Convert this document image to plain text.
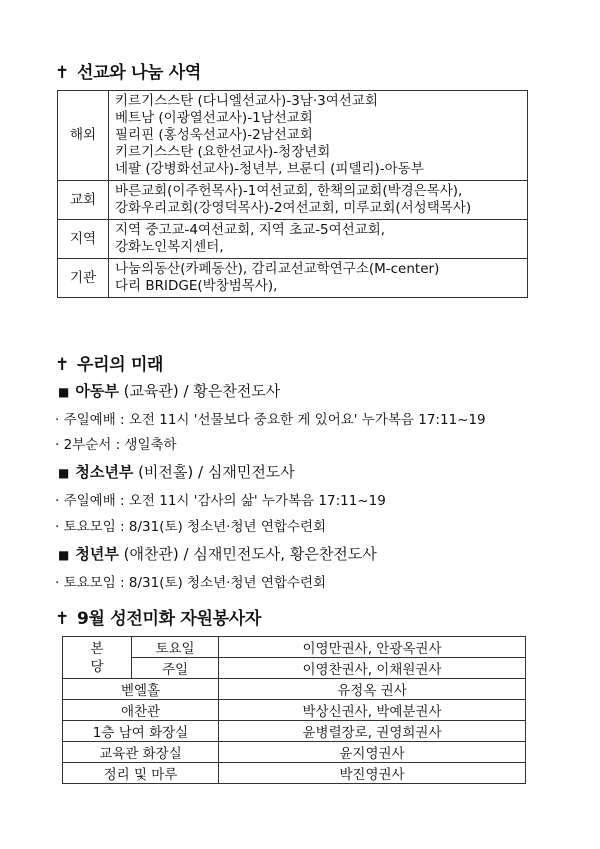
✝ 선교와 나눔 사역
해외	키르기스스탄 (다니엘선교사)-3남·3여선교회
베트남 (이광열선교사)-1남선교회
필리핀 (홍성욱선교사)-2남선교회
키르기스스탄 (요한선교사)-청장년회
네팔 (강병화선교사)-청년부, 브룬디 (피델리)-아동부

교회	바른교회(이주헌목사)-1여선교회, 한책의교회(박경은목사),
강화우리교회(강영덕목사)-2여선교회, 미루교회(서성택목사)

지역	지역 중고교-4여선교회, 지역 초교-5여선교회,
강화노인복지센터,

기관	나눔의동산(카페동산), 감리교선교학연구소(M-center)
다리 BRIDGE(박창범목사),
✝ 우리의 미래
■ 아동부 (교육관) / 황은찬전도사
· 주일예배 : 오전 11시 '선물보다 중요한 게 있어요' 누가복음 17:11~19
· 2부순서 : 생일축하
■ 청소년부 (비전홀) / 심재민전도사
· 주일예배 : 오전 11시 '감사의 삶' 누가복음 17:11~19
· 토요모임 : 8/31(토) 청소년·청년 연합수련회
■ 청년부 (애찬관) / 심재민전도사, 황은찬전도사
· 토요모임 : 8/31(토) 청소년·청년 연합수련회
✝ 9월 성전미화 자원봉사자
본
당	토요일	이영만권사, 안광옥권사
	주일	이영찬권사, 이채원권사
벧엘홀		유정옥 권사
애찬관		박상신권사, 박예분권사
1층 남여 화장실		윤병렬장로, 권영희권사
교육관 화장실		윤지영권사
정리 및 마루		박진영권사
